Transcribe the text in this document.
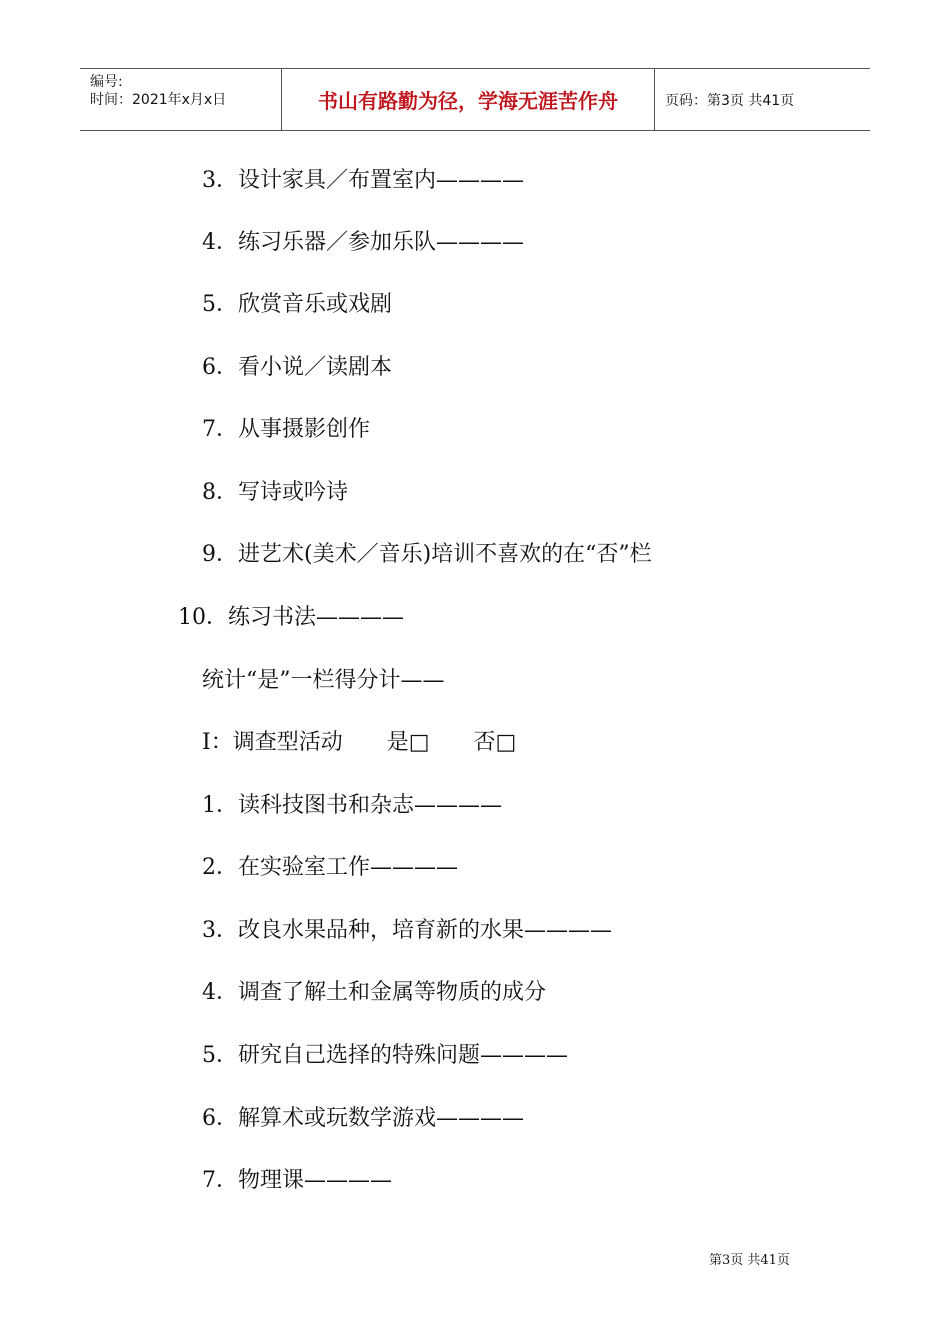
编号:
时间：2021年x月x日	书山有路勤为径，学海无涯苦作舟	页码：第3页 共41页
3．设计家具／布置室内————
4．练习乐器／参加乐队————
5．欣赏音乐或戏剧
6．看小说／读剧本
7．从事摄影创作
8．写诗或吟诗
9．进艺术(美术／音乐)培训不喜欢的在“否”栏
10．练习书法————
统计“是”一栏得分计——
I：调查型活动　　是□　　否□
1．读科技图书和杂志————
2．在实验室工作————
3．改良水果品种，培育新的水果————
4．调查了解土和金属等物质的成分
5．研究自己选择的特殊问题————
6．解算术或玩数学游戏————
7．物理课————
第3页 共41页
